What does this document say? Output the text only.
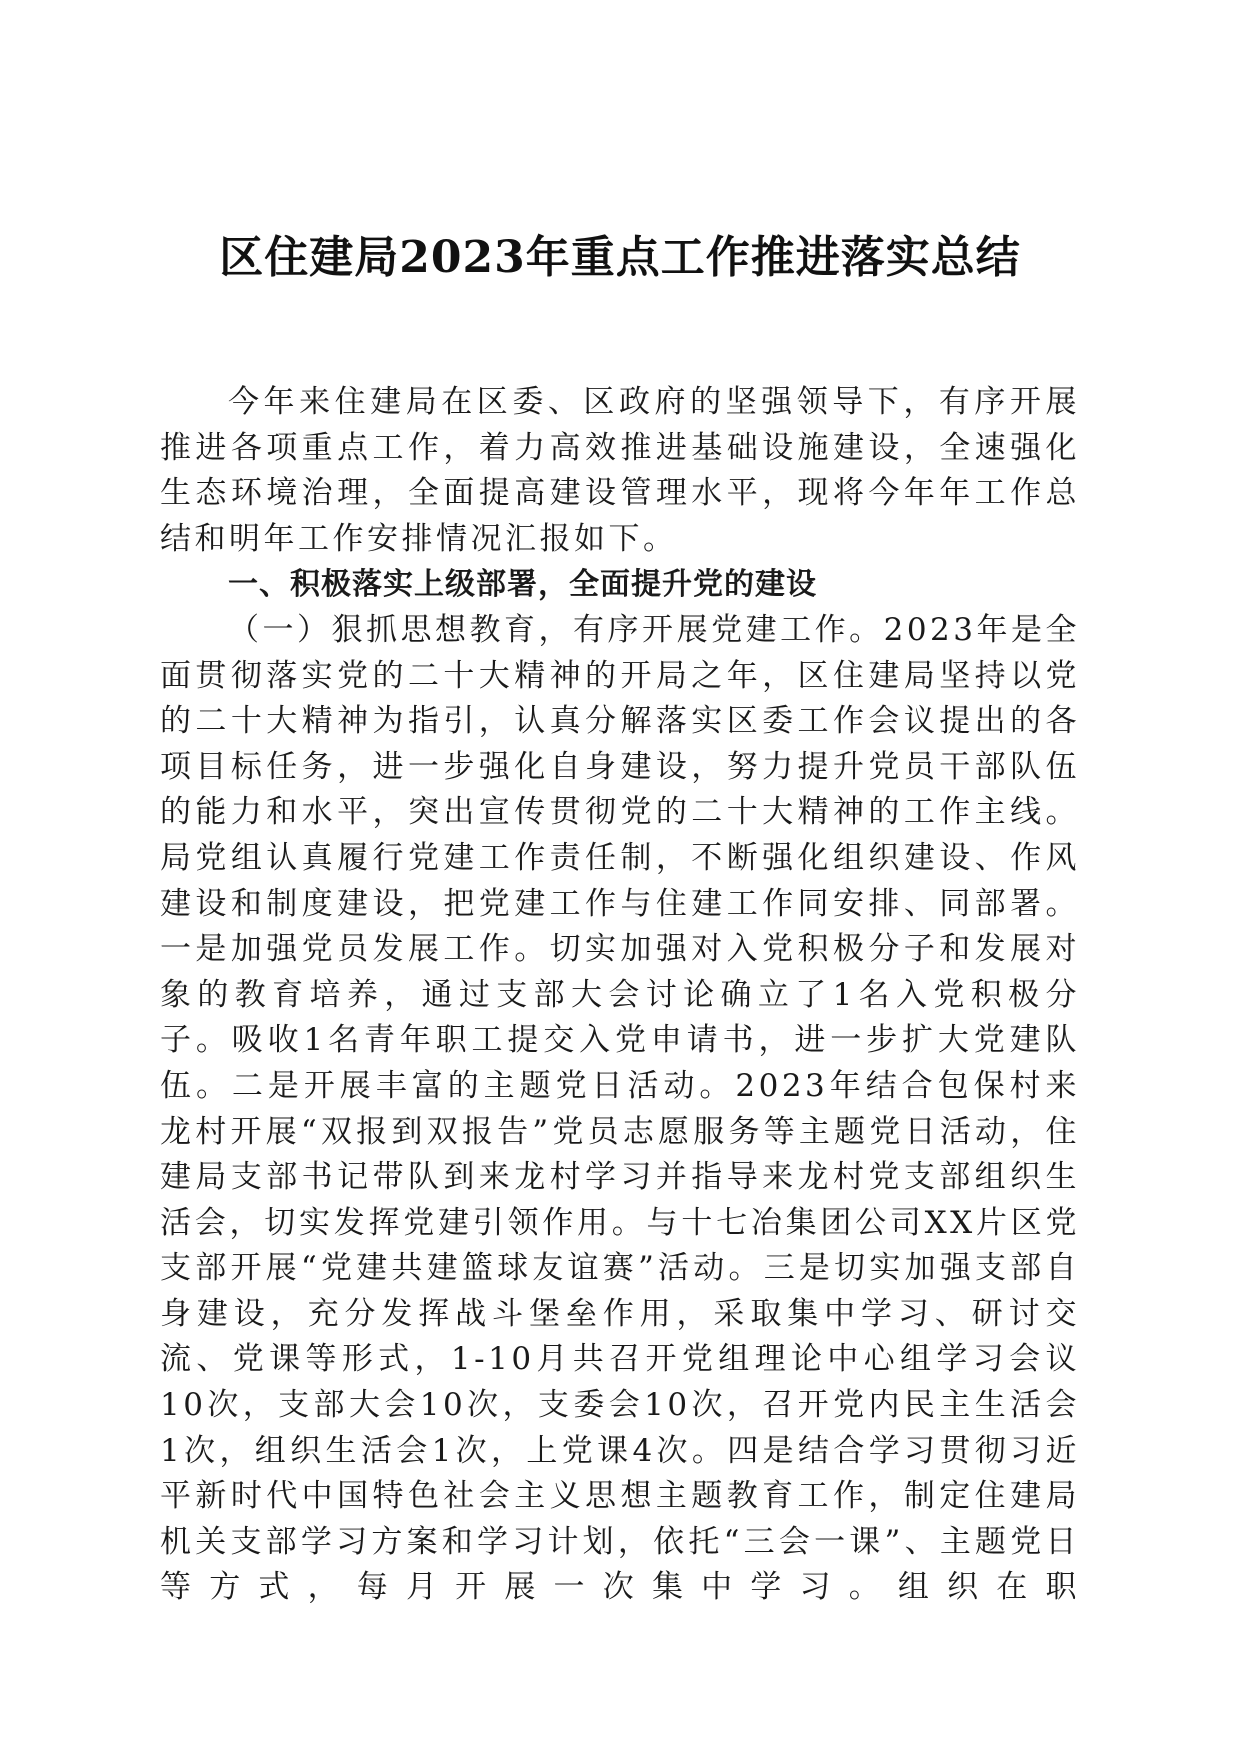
区住建局2023年重点工作推进落实总结

今年来住建局在区委、区政府的坚强领导下，有序开展推进各项重点工作，着力高效推进基础设施建设，全速强化生态环境治理，全面提高建设管理水平，现将今年年工作总结和明年工作安排情况汇报如下。

一、积极落实上级部署，全面提升党的建设

（一）狠抓思想教育，有序开展党建工作。2023年是全面贯彻落实党的二十大精神的开局之年，区住建局坚持以党的二十大精神为指引，认真分解落实区委工作会议提出的各项目标任务，进一步强化自身建设，努力提升党员干部队伍的能力和水平，突出宣传贯彻党的二十大精神的工作主线。局党组认真履行党建工作责任制，不断强化组织建设、作风建设和制度建设，把党建工作与住建工作同安排、同部署。一是加强党员发展工作。切实加强对入党积极分子和发展对象的教育培养，通过支部大会讨论确立了1名入党积极分子。吸收1名青年职工提交入党申请书，进一步扩大党建队伍。二是开展丰富的主题党日活动。2023年结合包保村来龙村开展“双报到双报告”党员志愿服务等主题党日活动，住建局支部书记带队到来龙村学习并指导来龙村党支部组织生活会，切实发挥党建引领作用。与十七冶集团公司XX片区党支部开展“党建共建篮球友谊赛”活动。三是切实加强支部自身建设，充分发挥战斗堡垒作用，采取集中学习、研讨交流、党课等形式，1-10月共召开党组理论中心组学习会议10次，支部大会10次，支委会10次，召开党内民主生活会1次，组织生活会1次，上党课4次。四是结合学习贯彻习近平新时代中国特色社会主义思想主题教育工作，制定住建局机关支部学习方案和学习计划，依托“三会一课”、主题党日等方式，每月开展一次集中学习。组织在职
